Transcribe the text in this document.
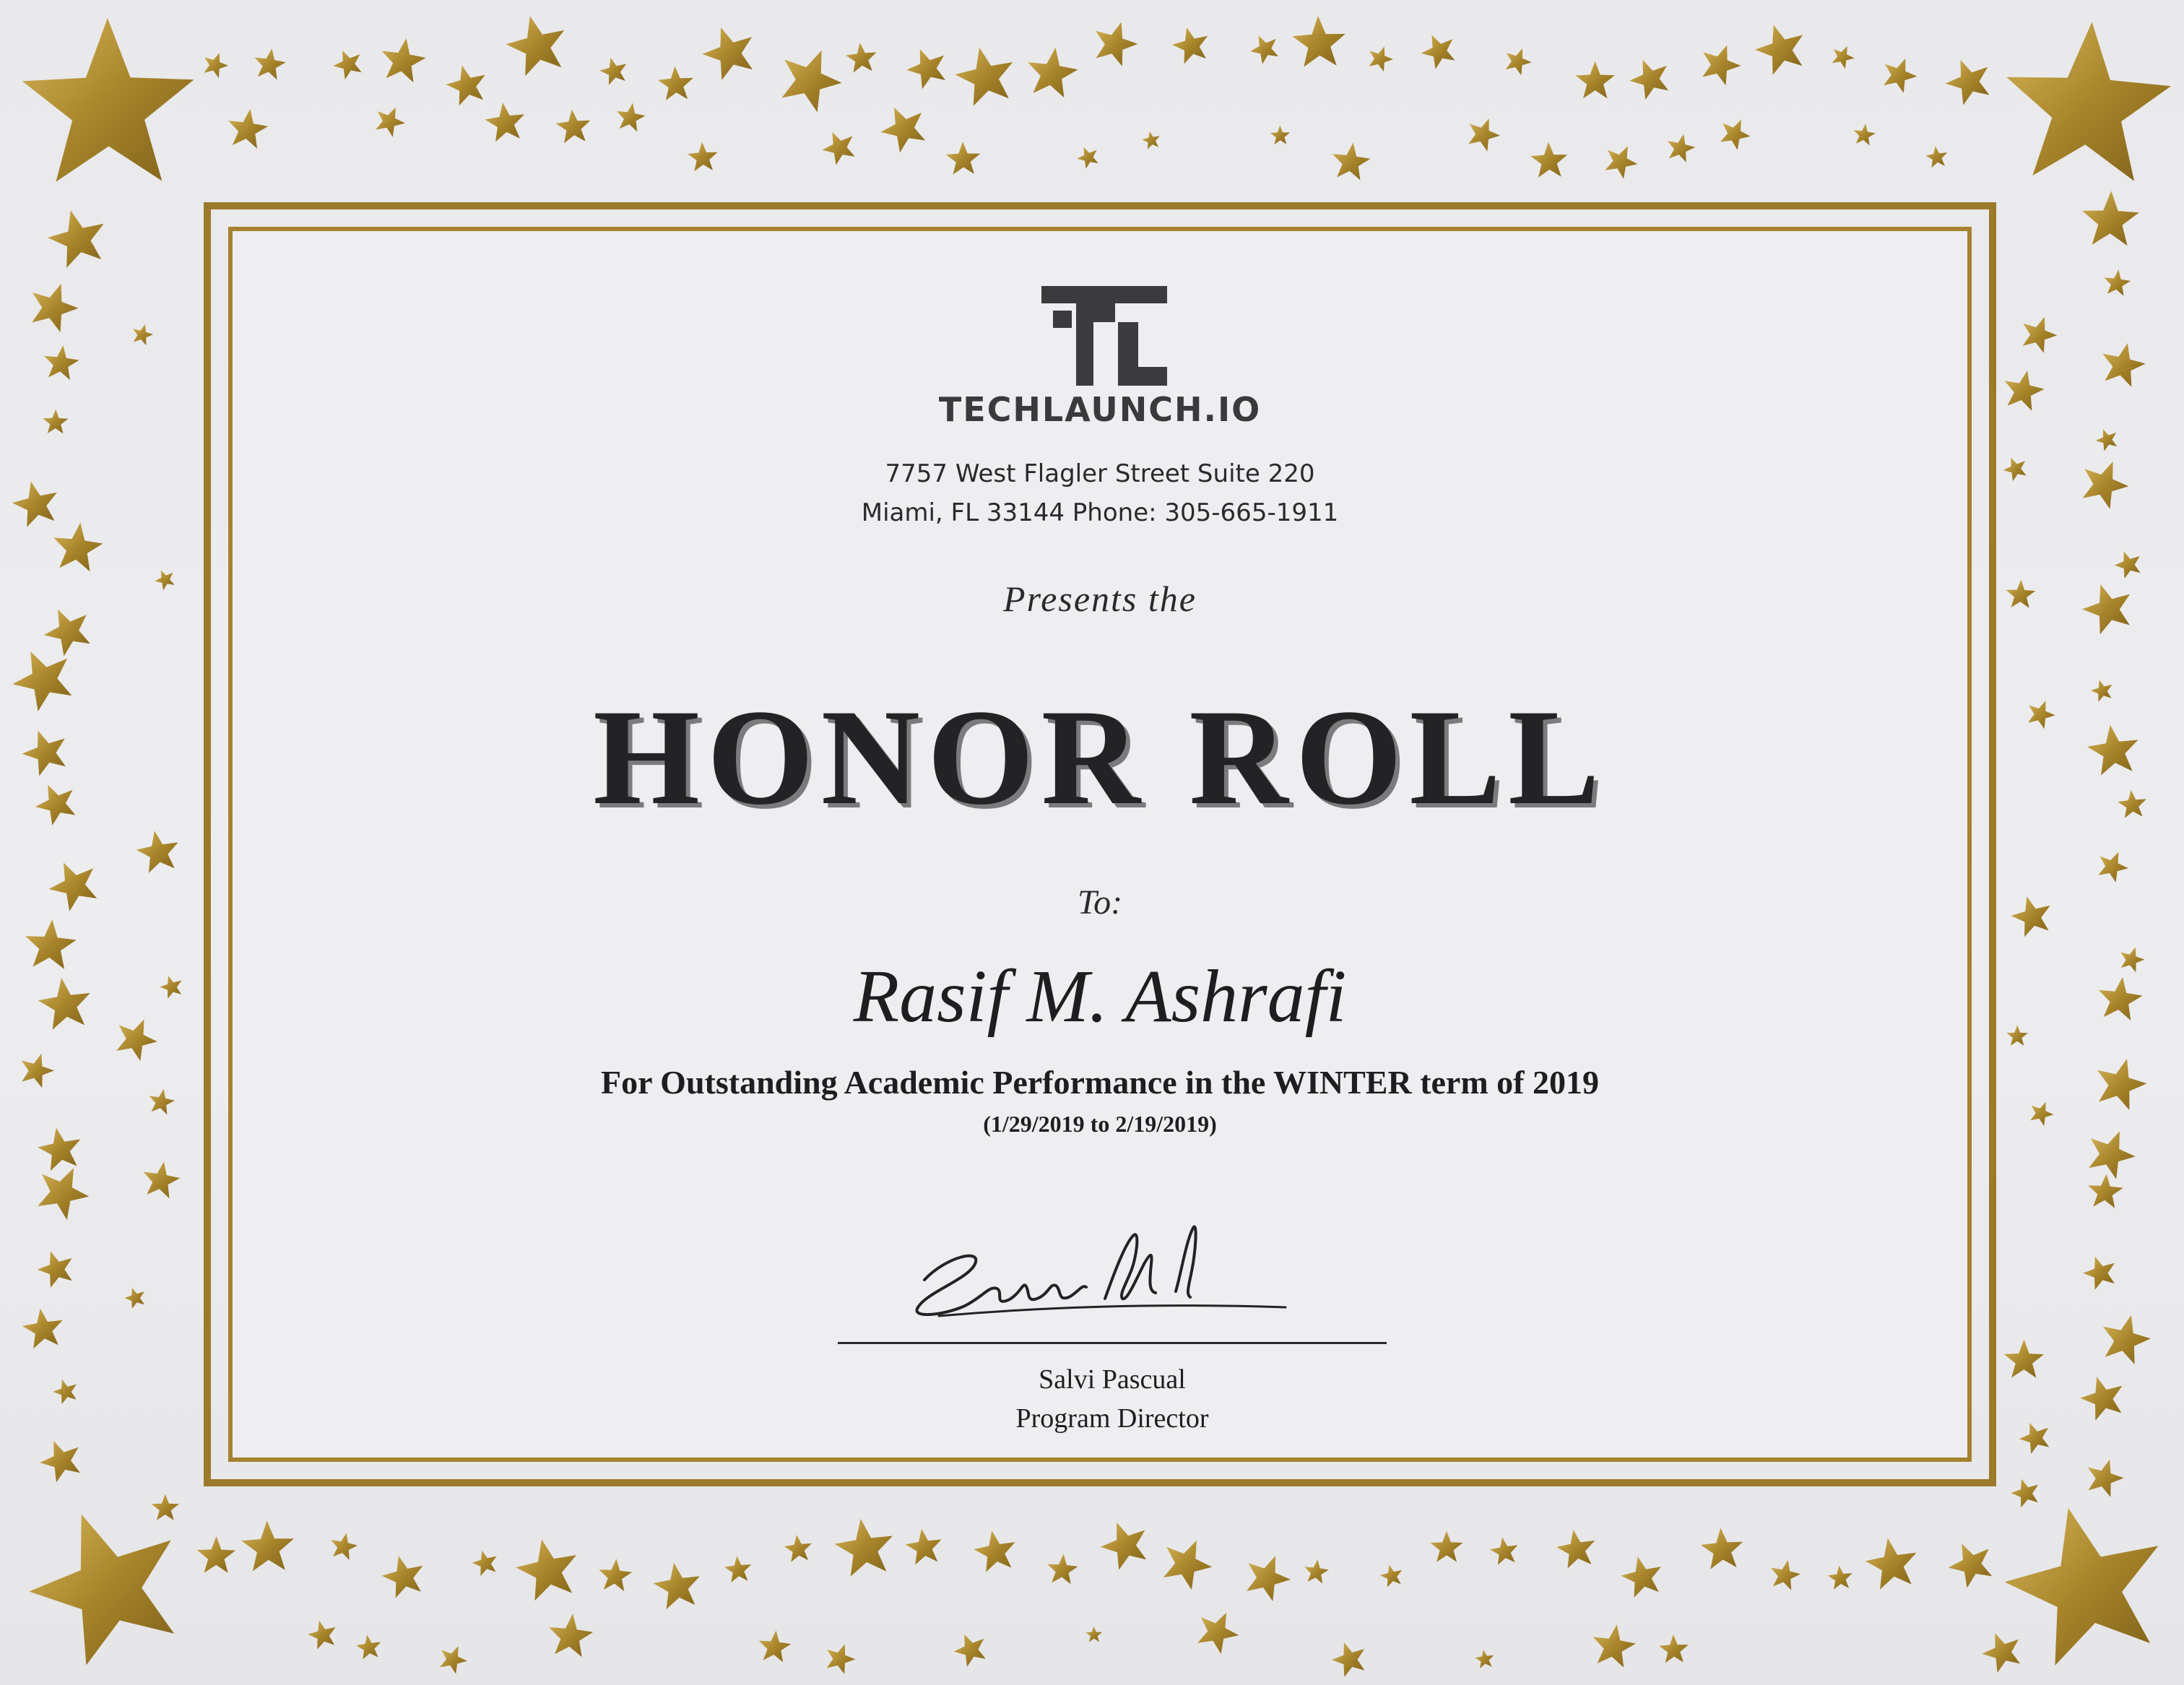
TECHLAUNCH.IO
7757 West Flagler Street Suite 220
Miami, FL 33144 Phone: 305-665-1911
Presents the
HONOR ROLL
To:
Rasif M. Ashrafi
For Outstanding Academic Performance in the WINTER term of 2019
(1/29/2019 to 2/19/2019)
Salvi Pascual
Program Director
